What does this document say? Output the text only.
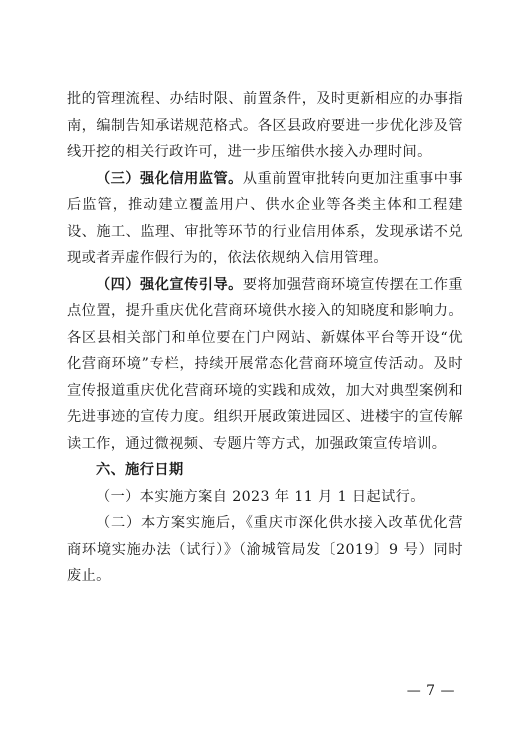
批的管理流程、办结时限、前置条件，及时更新相应的办事指南，编制告知承诺规范格式。各区县政府要进一步优化涉及管线开挖的相关行政许可，进一步压缩供水接入办理时间。

（三）强化信用监管。从重前置审批转向更加注重事中事后监管，推动建立覆盖用户、供水企业等各类主体和工程建设、施工、监理、审批等环节的行业信用体系，发现承诺不兑现或者弄虚作假行为的，依法依规纳入信用管理。

（四）强化宣传引导。要将加强营商环境宣传摆在工作重点位置，提升重庆优化营商环境供水接入的知晓度和影响力。各区县相关部门和单位要在门户网站、新媒体平台等开设“优化营商环境”专栏，持续开展常态化营商环境宣传活动。及时宣传报道重庆优化营商环境的实践和成效，加大对典型案例和先进事迹的宣传力度。组织开展政策进园区、进楼宇的宣传解读工作，通过微视频、专题片等方式，加强政策宣传培训。

六、施行日期

（一）本实施方案自 2023 年 11 月 1 日起试行。

（二）本方案实施后，《重庆市深化供水接入改革优化营商环境实施办法（试行）》（渝城管局发〔2019〕9 号）同时废止。

— 7 —
